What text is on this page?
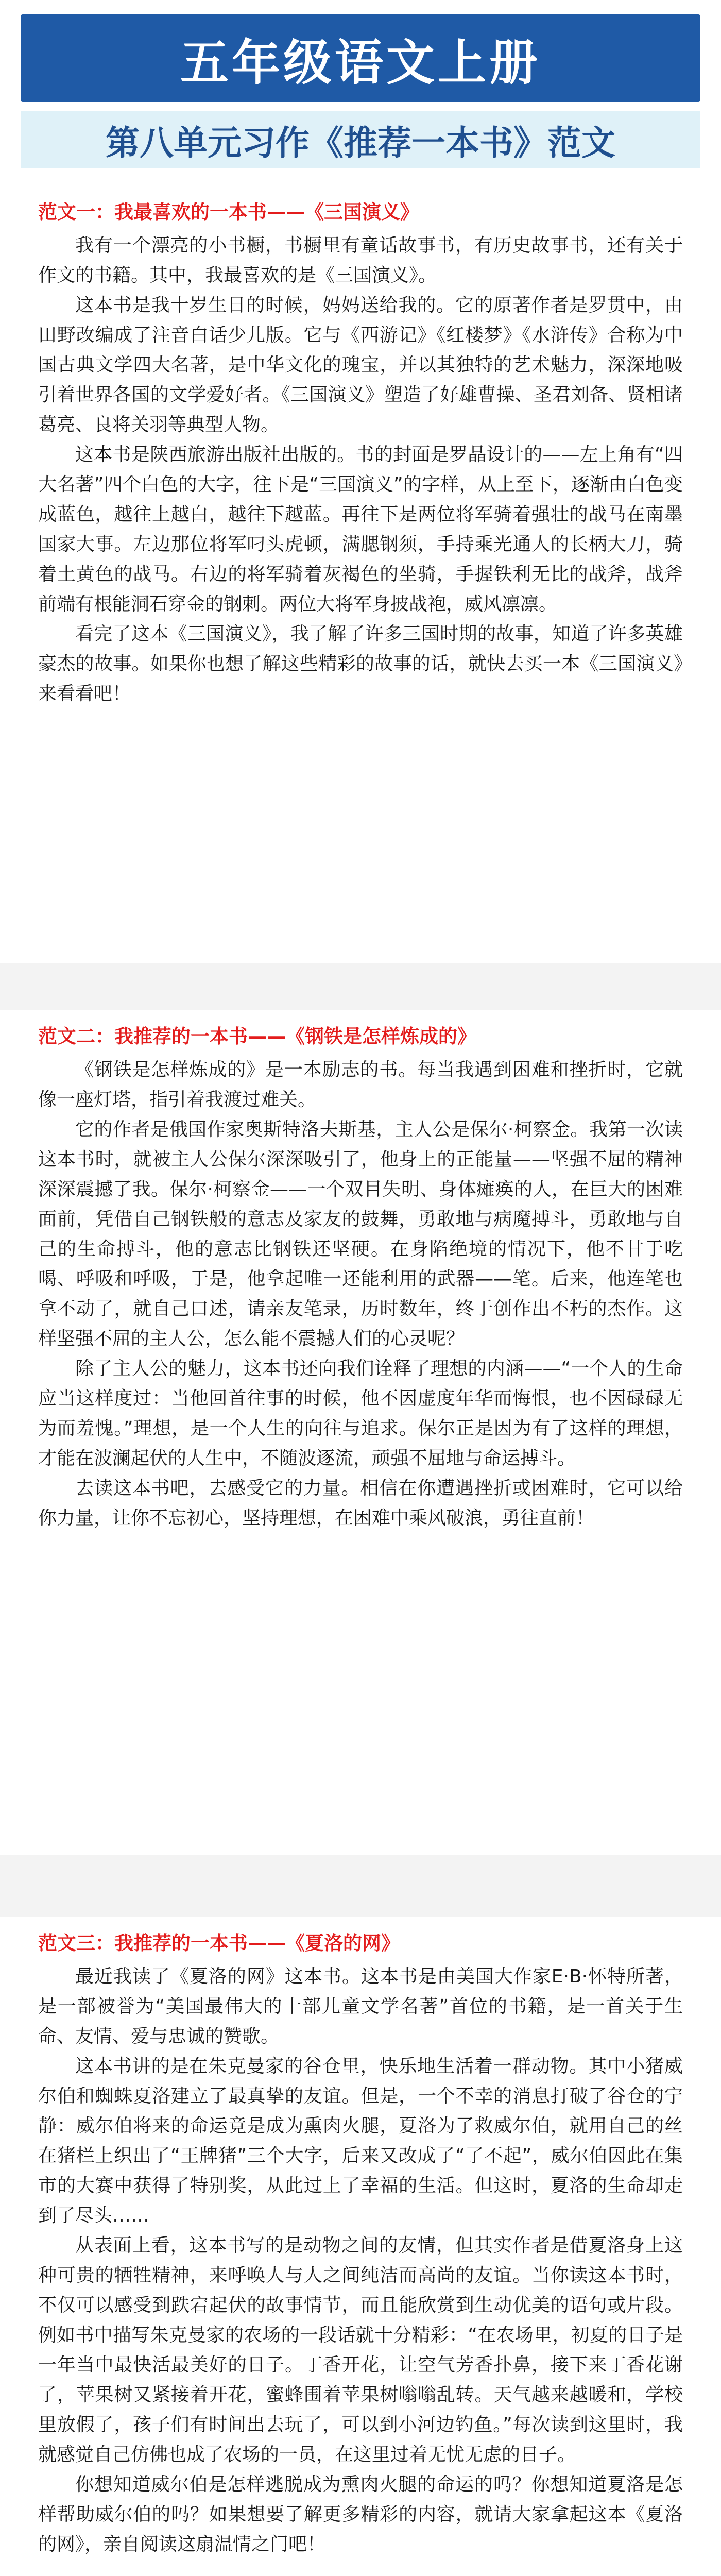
五年级语文上册
第八单元习作《推荐一本书》范文
范文一：我最喜欢的一本书——《三国演义》

我有一个漂亮的小书橱，书橱里有童话故事书，有历史故事书，还有关于作文的书籍。其中，我最喜欢的是《三国演义》。

这本书是我十岁生日的时候，妈妈送给我的。它的原著作者是罗贯中，由田野改编成了注音白话少儿版。它与《西游记》《红楼梦》《水浒传》合称为中国古典文学四大名著，是中华文化的瑰宝，并以其独特的艺术魅力，深深地吸引着世界各国的文学爱好者。《三国演义》塑造了好雄曹操、圣君刘备、贤相诸葛亮、良将关羽等典型人物。

这本书是陕西旅游出版社出版的。书的封面是罗晶设计的——左上角有“四大名著”四个白色的大字，往下是“三国演义”的字样，从上至下，逐渐由白色变成蓝色，越往上越白，越往下越蓝。再往下是两位将军骑着强壮的战马在南墨国家大事。左边那位将军叼头虎顿，满腮钢须，手持乘光通人的长柄大刀，骑着土黄色的战马。右边的将军骑着灰褐色的坐骑，手握铁利无比的战斧，战斧前端有根能洞石穿金的钢刺。两位大将军身披战袍，威风凛凛。

看完了这本《三国演义》，我了解了许多三国时期的故事，知道了许多英雄豪杰的故事。如果你也想了解这些精彩的故事的话，就快去买一本《三国演义》来看看吧！

范文二：我推荐的一本书——《钢铁是怎样炼成的》

《钢铁是怎样炼成的》是一本励志的书。每当我遇到困难和挫折时，它就像一座灯塔，指引着我渡过难关。

它的作者是俄国作家奥斯特洛夫斯基，主人公是保尔·柯察金。我第一次读这本书时，就被主人公保尔深深吸引了，他身上的正能量——坚强不屈的精神深深震撼了我。保尔·柯察金——一个双目失明、身体瘫痪的人，在巨大的困难面前，凭借自己钢铁般的意志及家友的鼓舞，勇敢地与病魔搏斗，勇敢地与自己的生命搏斗，他的意志比钢铁还坚硬。在身陷绝境的情况下，他不甘于吃喝、呼吸和呼吸，于是，他拿起唯一还能利用的武器——笔。后来，他连笔也拿不动了，就自己口述，请亲友笔录，历时数年，终于创作出不朽的杰作。这样坚强不屈的主人公，怎么能不震撼人们的心灵呢？

除了主人公的魅力，这本书还向我们诠释了理想的内涵——“一个人的生命应当这样度过：当他回首往事的时候，他不因虚度年华而悔恨，也不因碌碌无为而羞愧。”理想，是一个人生的向往与追求。保尔正是因为有了这样的理想，才能在波澜起伏的人生中，不随波逐流，顽强不屈地与命运搏斗。

去读这本书吧，去感受它的力量。相信在你遭遇挫折或困难时，它可以给你力量，让你不忘初心，坚持理想，在困难中乘风破浪，勇往直前！

范文三：我推荐的一本书——《夏洛的网》

最近我读了《夏洛的网》这本书。这本书是由美国大作家E·B·怀特所著，是一部被誉为“美国最伟大的十部儿童文学名著”首位的书籍，是一首关于生命、友情、爱与忠诚的赞歌。

这本书讲的是在朱克曼家的谷仓里，快乐地生活着一群动物。其中小猪威尔伯和蜘蛛夏洛建立了最真挚的友谊。但是，一个不幸的消息打破了谷仓的宁静：威尔伯将来的命运竟是成为熏肉火腿，夏洛为了救威尔伯，就用自己的丝在猪栏上织出了“王牌猪”三个大字，后来又改成了“了不起”，威尔伯因此在集市的大赛中获得了特别奖，从此过上了幸福的生活。但这时，夏洛的生命却走到了尽头……

从表面上看，这本书写的是动物之间的友情，但其实作者是借夏洛身上这种可贵的牺牲精神，来呼唤人与人之间纯洁而高尚的友谊。当你读这本书时，不仅可以感受到跌宕起伏的故事情节，而且能欣赏到生动优美的语句或片段。例如书中描写朱克曼家的农场的一段话就十分精彩：“在农场里，初夏的日子是一年当中最快活最美好的日子。丁香开花，让空气芳香扑鼻，接下来丁香花谢了，苹果树又紧接着开花，蜜蜂围着苹果树嗡嗡乱转。天气越来越暖和，学校里放假了，孩子们有时间出去玩了，可以到小河边钓鱼。”每次读到这里时，我就感觉自己仿佛也成了农场的一员，在这里过着无忧无虑的日子。

你想知道威尔伯是怎样逃脱成为熏肉火腿的命运的吗？你想知道夏洛是怎样帮助威尔伯的吗？如果想要了解更多精彩的内容，就请大家拿起这本《夏洛的网》，亲自阅读这扇温情之门吧！
